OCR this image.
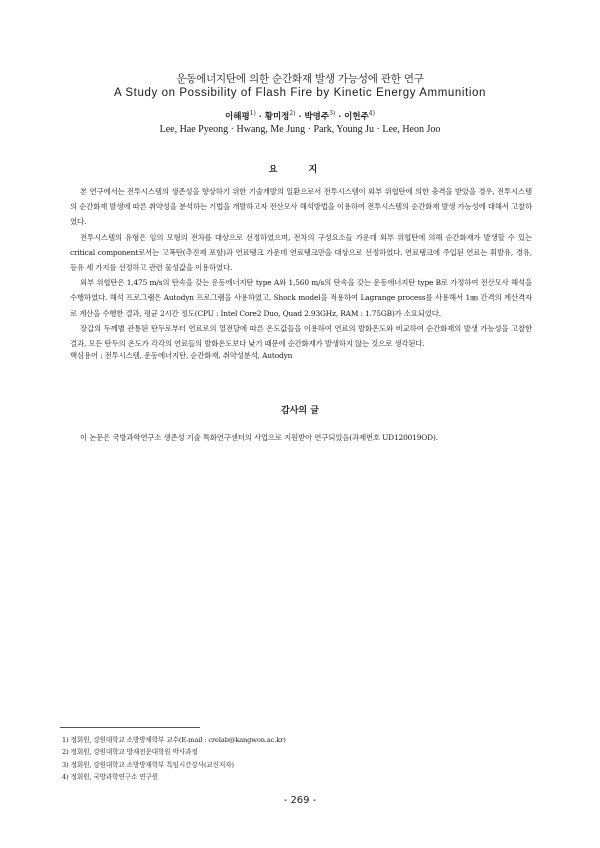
운동에너지탄에 의한 순간화재 발생 가능성에 관한 연구
A Study on Possibility of Flash Fire by Kinetic Energy Ammunition
이해평$^{1)}$ · 황미정$^{2)}$ · 박영주$^{3)}$ · 이헌주$^{4)}$
Lee, Hae Pyeong · Hwang, Me Jung · Park, Young Ju · Lee, Heon Joo
요 지

본 연구에서는 전투시스템의 생존성을 향상하기 위한 기술개발의 일환으로서 전투시스템이 외부 위협탄에 의한 충격을 받았을 경우, 전투시스템의 순간화재 발생에 따른 취약성을 분석하는 기법을 개발하고자 전산모사 해석방법을 이용하여 전투시스템의 순간화재 발생 가능성에 대해서 고찰하였다.

전투시스템의 유형은 임의 모형의 전차를 대상으로 선정하였으며, 전차의 구성요소들 가운데 외부 위협탄에 의해 순간화재가 발생할 수 있는 critical component로서는 고폭탄(추진제 포함)과 연료탱크 가운데 연료탱크만을 대상으로 선정하였다. 연료탱크에 주입된 연료는 휘발유, 경유, 등유 세 가지를 선정하고 관련 물성값을 이용하였다.

외부 위협탄은 1,475 m/s의 탄속을 갖는 운동에너지탄 type A와 1,560 m/s의 탄속을 갖는 운동에너지탄 type B로 가정하여 전산모사 해석을 수행하였다. 해석 프로그램은 Autodyn 프로그램을 사용하였고, Shock model을 적용하여 Lagrange process를 사용해서 1㎜ 간격의 계산격자로 계산을 수행한 결과, 평균 2시간 정도(CPU : Intel Core2 Duo, Quad 2.93GHz, RAM : 1.75GB)가 소요되었다.

장갑의 두께별 관통된 탄두로부터 연료로의 열전달에 따른 온도값들을 이용하여 연료의 발화온도와 비교하여 순간화재의 발생 가능성을 고찰한 결과, 모든 탄두의 온도가 각각의 연료들의 발화온도보다 낮기 때문에 순간화재가 발생하지 않는 것으로 생각된다.

핵심용어 : 전투시스템, 운동에너지탄, 순간화재, 취약성분석, Autodyn
감사의 글

이 논문은 국방과학연구소 생존성 기술 특화연구센터의 사업으로 지원받아 연구되었음(과제번호 UD120019OD).

1) 정회원, 강원대학교 소방방재학부 교수(E-mail : crelab@kangwon.ac.kr)
2) 정회원, 강원대학교 방재전문대학원 박사과정
3) 정회원, 강원대학교 소방방재학부 특임시간강사(교신저자)
4) 정회원, 국방과학연구소 연구원
- 269 -
